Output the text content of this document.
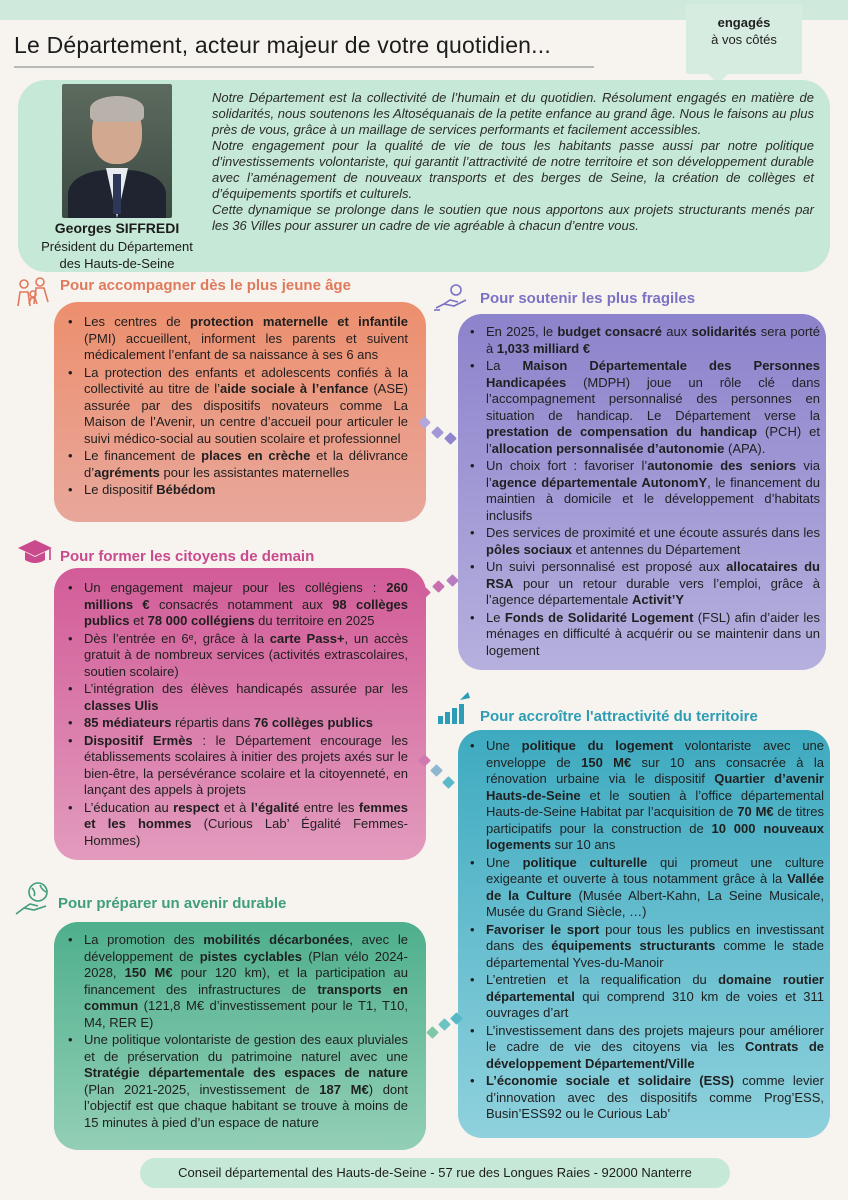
Le Département, acteur majeur de votre quotidien...
engagés
à vos côtés
Georges SIFFREDI
Président du Département
des Hauts-de-Seine

Notre Département est la collectivité de l’humain et du quotidien. Résolument engagés en matière de solidarités, nous soutenons les Altoséquanais de la petite enfance au grand âge. Nous le faisons au plus près de vous, grâce à un maillage de services performants et facilement accessibles.

Notre engagement pour la qualité de vie de tous les habitants passe aussi par notre politique d’investissements volontariste, qui garantit l’attractivité de notre territoire et son développement durable avec l’aménagement de nouveaux transports et des berges de Seine, la création de collèges et d’équipements sportifs et culturels.

Cette dynamique se prolonge dans le soutien que nous apportons aux projets structurants menés par les 36 Villes pour assurer un cadre de vie agréable à chacun d’entre vous.

Pour accompagner dès le plus jeune âge
• Les centres de protection maternelle et infantile (PMI) accueillent, informent les parents et suivent médicalement l’enfant de sa naissance à ses 6 ans
• La protection des enfants et adolescents confiés à la collectivité au titre de l’aide sociale à l’enfance (ASE) assurée par des dispositifs novateurs comme La Maison de l’Avenir, un centre d’accueil pour articuler le suivi médico-social au soutien scolaire et professionnel
• Le financement de places en crèche et la délivrance d’agréments pour les assistantes maternelles
• Le dispositif Bébédom
Pour soutenir les plus fragiles
• En 2025, le budget consacré aux solidarités sera porté à 1,033 milliard €
• La Maison Départementale des Personnes Handicapées (MDPH) joue un rôle clé dans l’accompagnement personnalisé des personnes en situation de handicap. Le Département verse la prestation de compensation du handicap (PCH) et l’allocation personnalisée d’autonomie (APA).
• Un choix fort : favoriser l’autonomie des seniors via l’agence départementale AutonomY, le financement du maintien à domicile et le développement d’habitats inclusifs
• Des services de proximité et une écoute assurés dans les pôles sociaux et antennes du Département
• Un suivi personnalisé est proposé aux allocataires du RSA pour un retour durable vers l’emploi, grâce à l’agence départementale Activit’Y
• Le Fonds de Solidarité Logement (FSL) afin d’aider les ménages en difficulté à acquérir ou se maintenir dans un logement
Pour former les citoyens de demain
• Un engagement majeur pour les collégiens : 260 millions € consacrés notamment aux 98 collèges publics et 78 000 collégiens du territoire en 2025
• Dès l’entrée en 6ᵉ, grâce à la carte Pass+, un accès gratuit à de nombreux services (activités extrascolaires, soutien scolaire)
• L’intégration des élèves handicapés assurée par les classes Ulis
• 85 médiateurs répartis dans 76 collèges publics
• Dispositif Ermès : le Département encourage les établissements scolaires à initier des projets axés sur le bien-être, la persévérance scolaire et la citoyenneté, en lançant des appels à projets
• L’éducation au respect et à l’égalité entre les femmes et les hommes (Curious Lab’ Égalité Femmes-Hommes)
Pour accroître l'attractivité du territoire
• Une politique du logement volontariste avec une enveloppe de 150 M€ sur 10 ans consacrée à la rénovation urbaine via le dispositif Quartier d’avenir Hauts-de-Seine et le soutien à l’office départemental Hauts-de-Seine Habitat par l’acquisition de 70 M€ de titres participatifs pour la construction de 10 000 nouveaux logements sur 10 ans
• Une politique culturelle qui promeut une culture exigeante et ouverte à tous notamment grâce à la Vallée de la Culture (Musée Albert-Kahn, La Seine Musicale, Musée du Grand Siècle, …)
• Favoriser le sport pour tous les publics en investissant dans des équipements structurants comme le stade départemental Yves-du-Manoir
• L’entretien et la requalification du domaine routier départemental qui comprend 310 km de voies et 311 ouvrages d’art
• L’investissement dans des projets majeurs pour améliorer le cadre de vie des citoyens via les Contrats de développement Département/Ville
• L’économie sociale et solidaire (ESS) comme levier d’innovation avec des dispositifs comme Prog’ESS, Busin’ESS92 ou le Curious Lab’
Pour préparer un avenir durable
• La promotion des mobilités décarbonées, avec le développement de pistes cyclables (Plan vélo 2024-2028, 150 M€ pour 120 km), et la participation au financement des infrastructures de transports en commun (121,8 M€ d’investissement pour le T1, T10, M4, RER E)
• Une politique volontariste de gestion des eaux pluviales et de préservation du patrimoine naturel avec une Stratégie départementale des espaces de nature (Plan 2021-2025, investissement de 187 M€) dont l’objectif est que chaque habitant se trouve à moins de 15 minutes à pied d’un espace de nature
Conseil départemental des Hauts-de-Seine - 57 rue des Longues Raies - 92000 Nanterre
